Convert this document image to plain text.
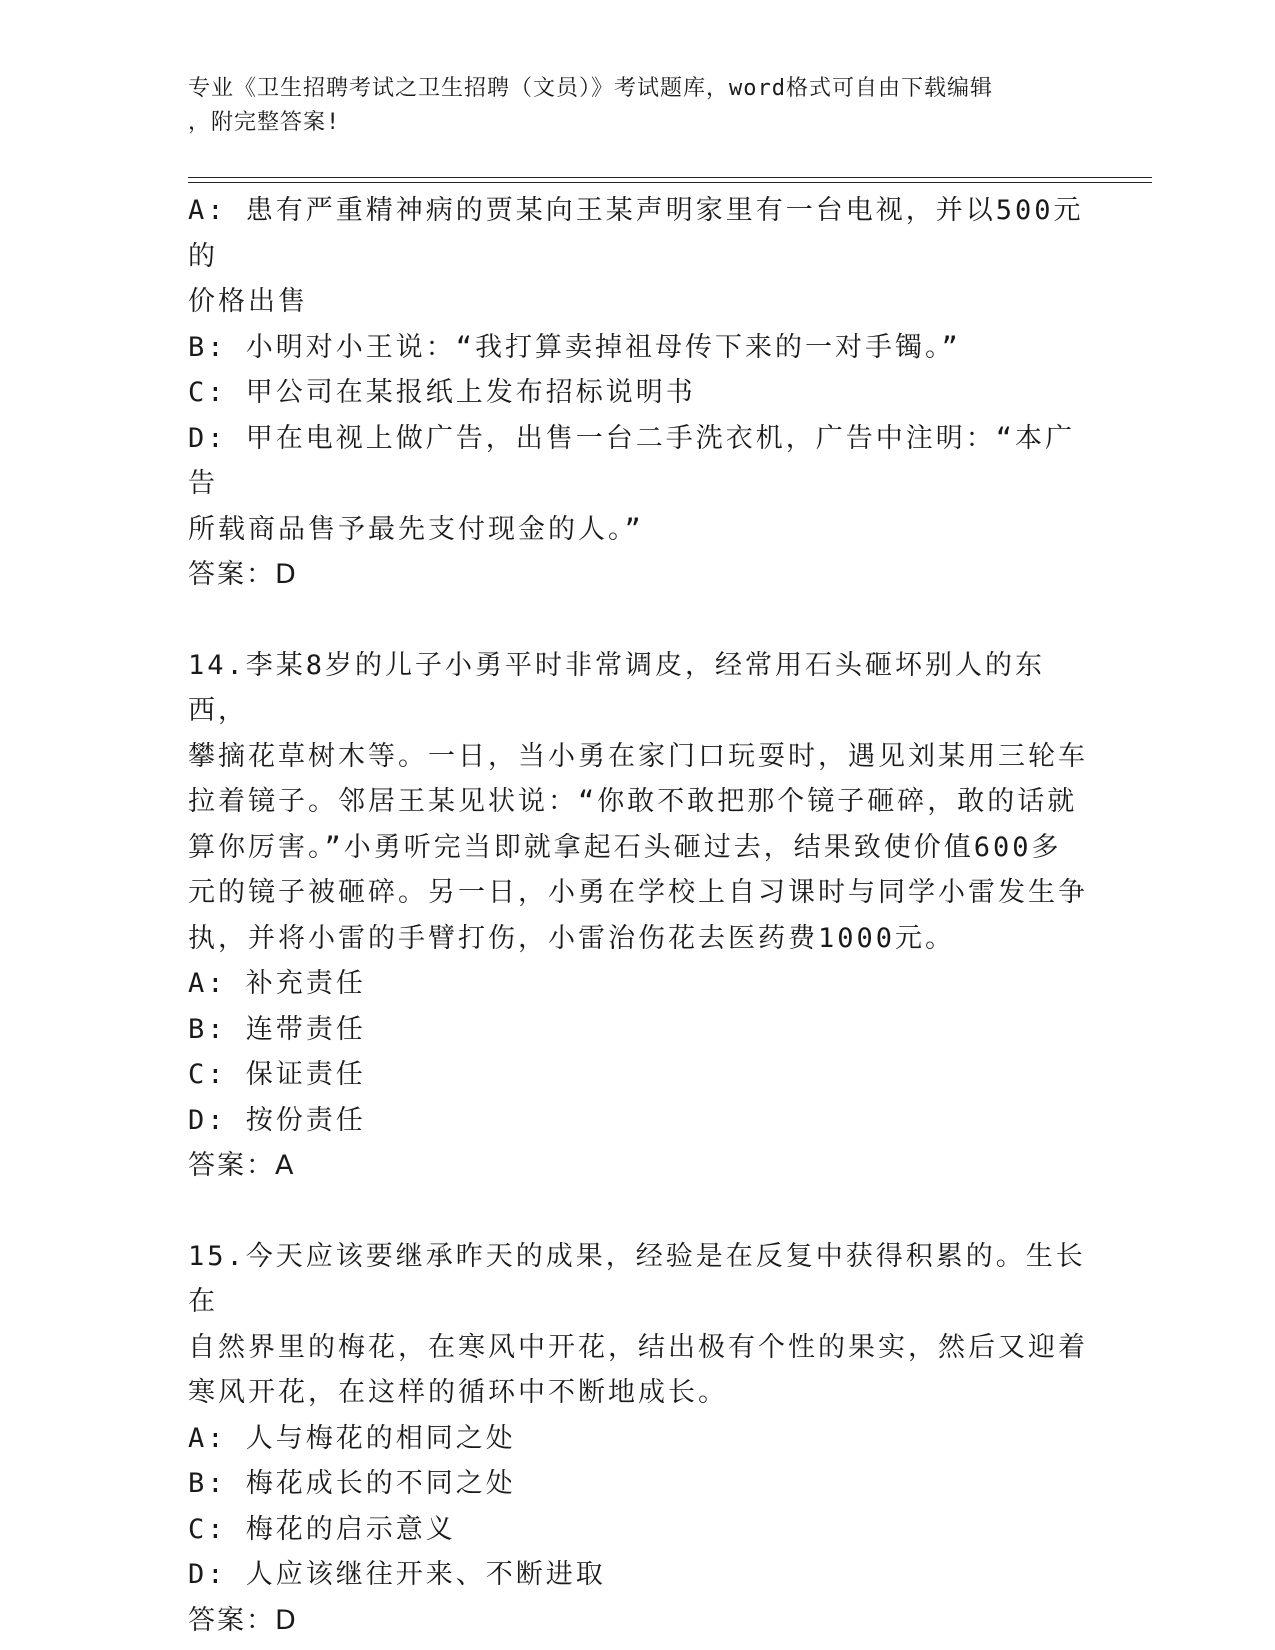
专业《卫生招聘考试之卫生招聘（文员）》考试题库，word格式可自由下载编辑
，附完整答案!
A: 患有严重精神病的贾某向王某声明家里有一台电视，并以500元的
价格出售
B: 小明对小王说：“我打算卖掉祖母传下来的一对手镯。”
C: 甲公司在某报纸上发布招标说明书
D: 甲在电视上做广告，出售一台二手洗衣机，广告中注明：“本广告
所载商品售予最先支付现金的人。”
答案：D
14.李某8岁的儿子小勇平时非常调皮，经常用石头砸坏别人的东西，
攀摘花草树木等。一日，当小勇在家门口玩耍时，遇见刘某用三轮车
拉着镜子。邻居王某见状说：“你敢不敢把那个镜子砸碎，敢的话就
算你厉害。”小勇听完当即就拿起石头砸过去，结果致使价值600多
元的镜子被砸碎。另一日，小勇在学校上自习课时与同学小雷发生争
执，并将小雷的手臂打伤，小雷治伤花去医药费1000元。
A: 补充责任
B: 连带责任
C: 保证责任
D: 按份责任
答案：A
15.今天应该要继承昨天的成果，经验是在反复中获得积累的。生长在
自然界里的梅花，在寒风中开花，结出极有个性的果实，然后又迎着
寒风开花，在这样的循环中不断地成长。
A: 人与梅花的相同之处
B: 梅花成长的不同之处
C: 梅花的启示意义
D: 人应该继往开来、不断进取
答案：D
